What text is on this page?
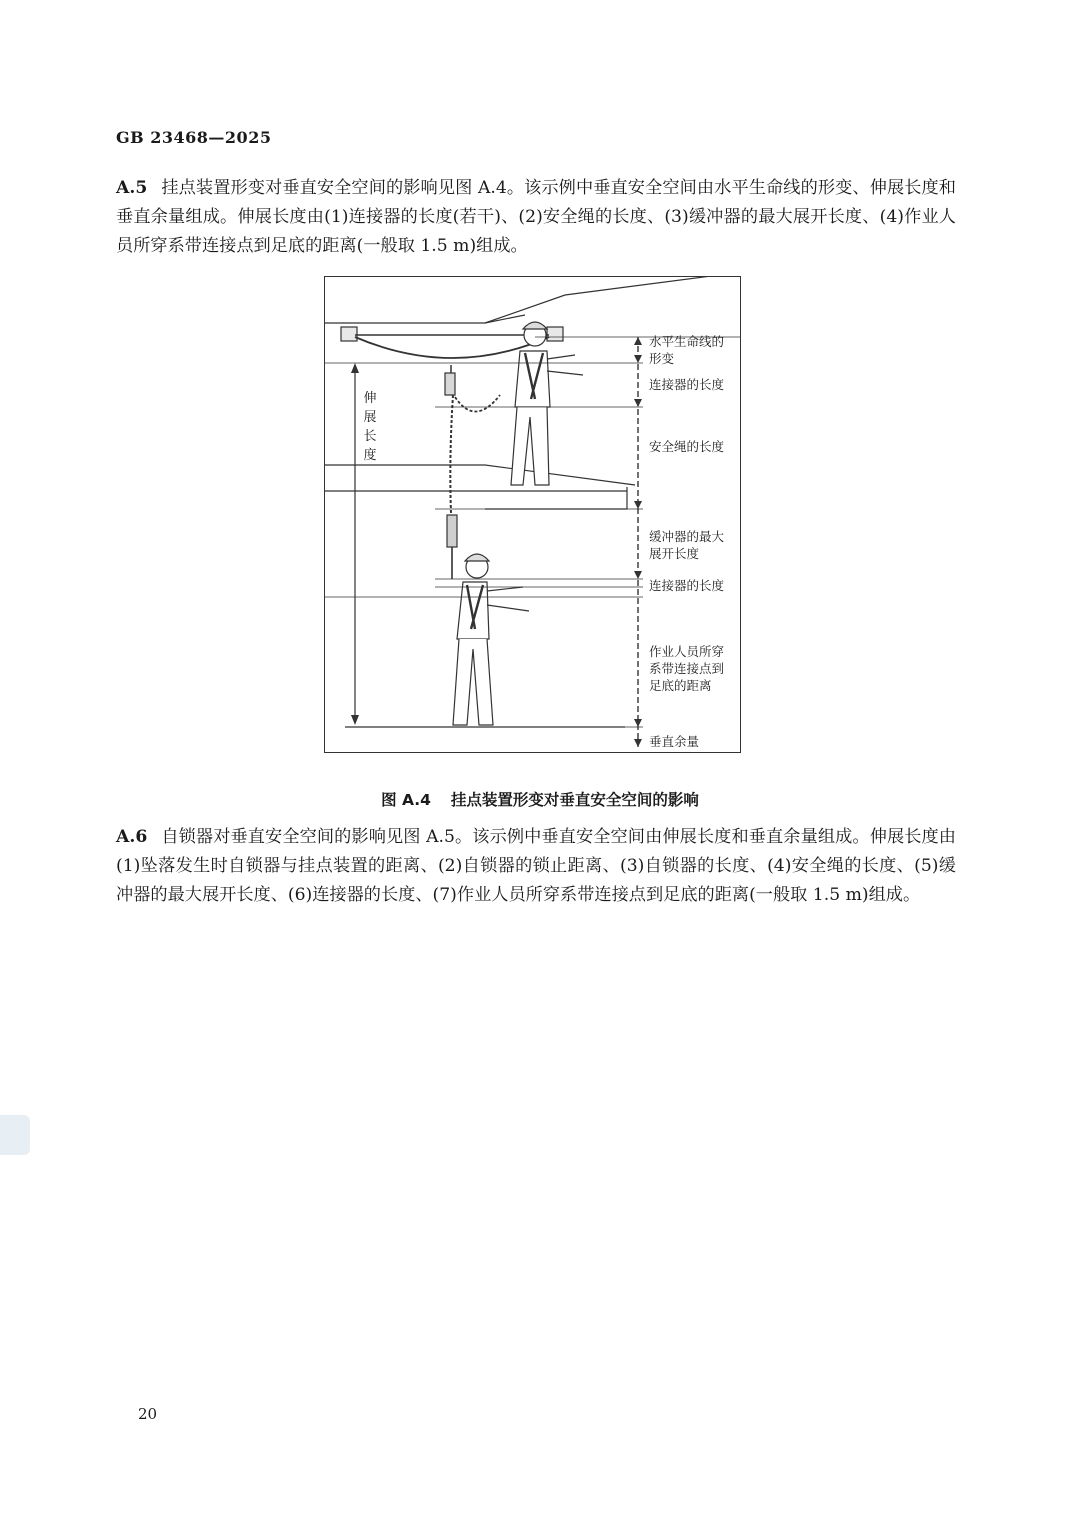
GB 23468—2025
A.5 挂点装置形变对垂直安全空间的影响见图 A.4。该示例中垂直安全空间由水平生命线的形变、伸展长度和垂直余量组成。伸展长度由(1)连接器的长度(若干)、(2)安全绳的长度、(3)缓冲器的最大展开长度、(4)作业人员所穿系带连接点到足底的距离(一般取 1.5 m)组成。
伸
展
长
度
水平生命线的形变
连接器的长度
安全绳的长度
缓冲器的最大展开长度
连接器的长度
作业人员所穿系带连接点到足底的距离
垂直余量
图 A.4 挂点装置形变对垂直安全空间的影响
A.6 自锁器对垂直安全空间的影响见图 A.5。该示例中垂直安全空间由伸展长度和垂直余量组成。伸展长度由(1)坠落发生时自锁器与挂点装置的距离、(2)自锁器的锁止距离、(3)自锁器的长度、(4)安全绳的长度、(5)缓冲器的最大展开长度、(6)连接器的长度、(7)作业人员所穿系带连接点到足底的距离(一般取 1.5 m)组成。
20
